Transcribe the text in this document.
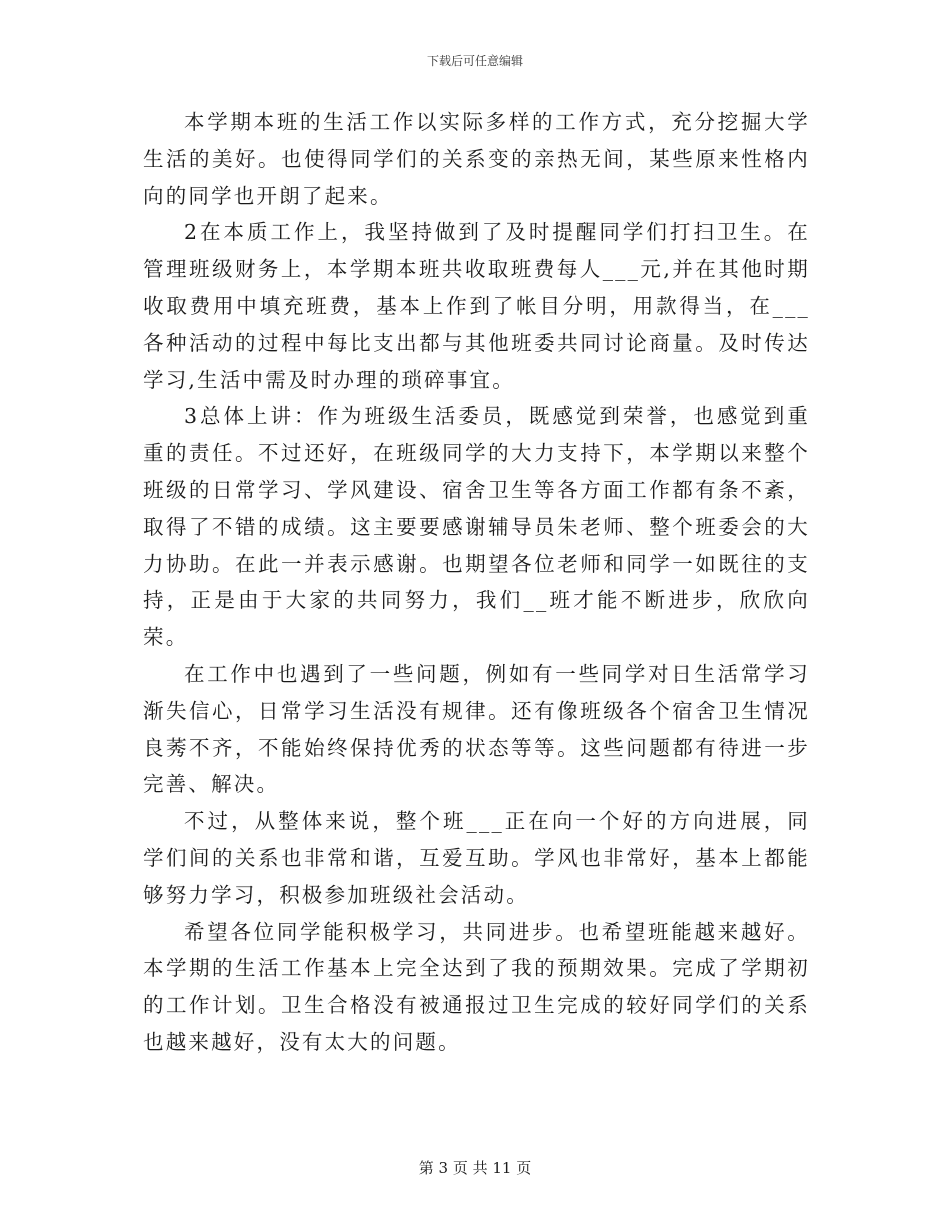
下载后可任意编辑

本学期本班的生活工作以实际多样的工作方式，充分挖掘大学生活的美好。也使得同学们的关系变的亲热无间，某些原来性格内向的同学也开朗了起来。

2在本质工作上，我坚持做到了及时提醒同学们打扫卫生。在管理班级财务上，本学期本班共收取班费每人___元,并在其他时期收取费用中填充班费，基本上作到了帐目分明，用款得当，在___各种活动的过程中每比支出都与其他班委共同讨论商量。及时传达学习,生活中需及时办理的琐碎事宜。

3总体上讲：作为班级生活委员，既感觉到荣誉，也感觉到重重的责任。不过还好，在班级同学的大力支持下，本学期以来整个班级的日常学习、学风建设、宿舍卫生等各方面工作都有条不紊，取得了不错的成绩。这主要要感谢辅导员朱老师、整个班委会的大力协助。在此一并表示感谢。也期望各位老师和同学一如既往的支持，正是由于大家的共同努力，我们__班才能不断进步，欣欣向荣。

在工作中也遇到了一些问题，例如有一些同学对日生活常学习渐失信心，日常学习生活没有规律。还有像班级各个宿舍卫生情况良莠不齐，不能始终保持优秀的状态等等。这些问题都有待进一步完善、解决。

不过，从整体来说，整个班___正在向一个好的方向进展，同学们间的关系也非常和谐，互爱互助。学风也非常好，基本上都能够努力学习，积极参加班级社会活动。

希望各位同学能积极学习，共同进步。也希望班能越来越好。本学期的生活工作基本上完全达到了我的预期效果。完成了学期初的工作计划。卫生合格没有被通报过卫生完成的较好同学们的关系也越来越好，没有太大的问题。

第 3 页 共 11 页
